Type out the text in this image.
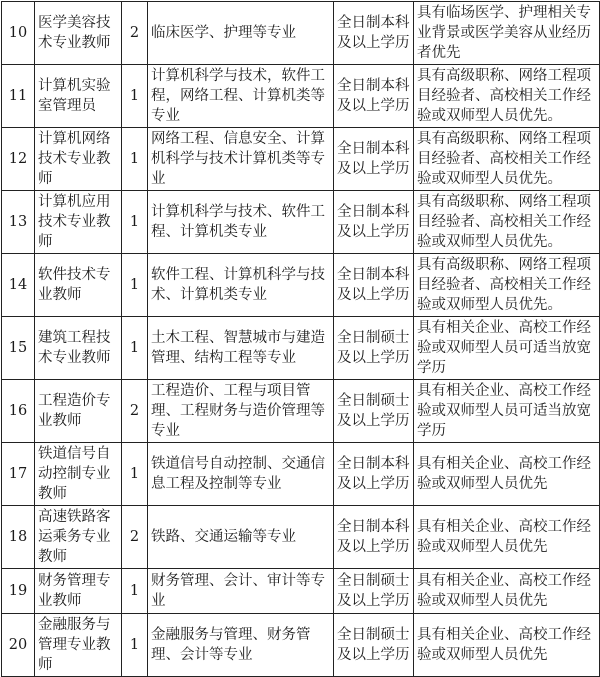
10	医学美容技术专业教师	2	临床医学、护理等专业	全日制本科及以上学历	具有临场医学、护理相关专业背景或医学美容从业经历者优先
11	计算机实验室管理员	1	计算机科学与技术，软件工程，网络工程、计算机类等专业	全日制本科及以上学历	具有高级职称、网络工程项目经验者、高校相关工作经验或双师型人员优先。
12	计算机网络技术专业教师	1	网络工程、信息安全、计算机科学与技术计算机类等专业	全日制本科及以上学历	具有高级职称、网络工程项目经验者、高校相关工作经验或双师型人员优先。
13	计算机应用技术专业教师	1	计算机科学与技术、软件工程、计算机类专业	全日制本科及以上学历	具有高级职称、网络工程项目经验者、高校相关工作经验或双师型人员优先。
14	软件技术专业教师	1	软件工程、计算机科学与技术、计算机类专业	全日制本科及以上学历	具有高级职称、网络工程项目经验者、高校相关工作经验或双师型人员优先。
15	建筑工程技术专业教师	1	土木工程、智慧城市与建造管理、结构工程等专业	全日制硕士及以上学历	具有相关企业、高校工作经验或双师型人员可适当放宽学历
16	工程造价专业教师	2	工程造价、工程与项目管理、工程财务与造价管理等专业	全日制硕士及以上学历	具有相关企业、高校工作经验或双师型人员可适当放宽学历
17	铁道信号自动控制专业教师	1	铁道信号自动控制、交通信息工程及控制等专业	全日制本科及以上学历	具有相关企业、高校工作经验或双师型人员优先
18	高速铁路客运乘务专业教师	2	铁路、交通运输等专业	全日制本科及以上学历	具有相关企业、高校工作经验或双师型人员优先
19	财务管理专业教师	1	财务管理、会计、审计等专业	全日制硕士及以上学历	具有相关企业、高校工作经验或双师型人员优先
20	金融服务与管理专业教师	1	金融服务与管理、财务管理、会计等专业	全日制硕士及以上学历	具有相关企业、高校工作经验或双师型人员优先
